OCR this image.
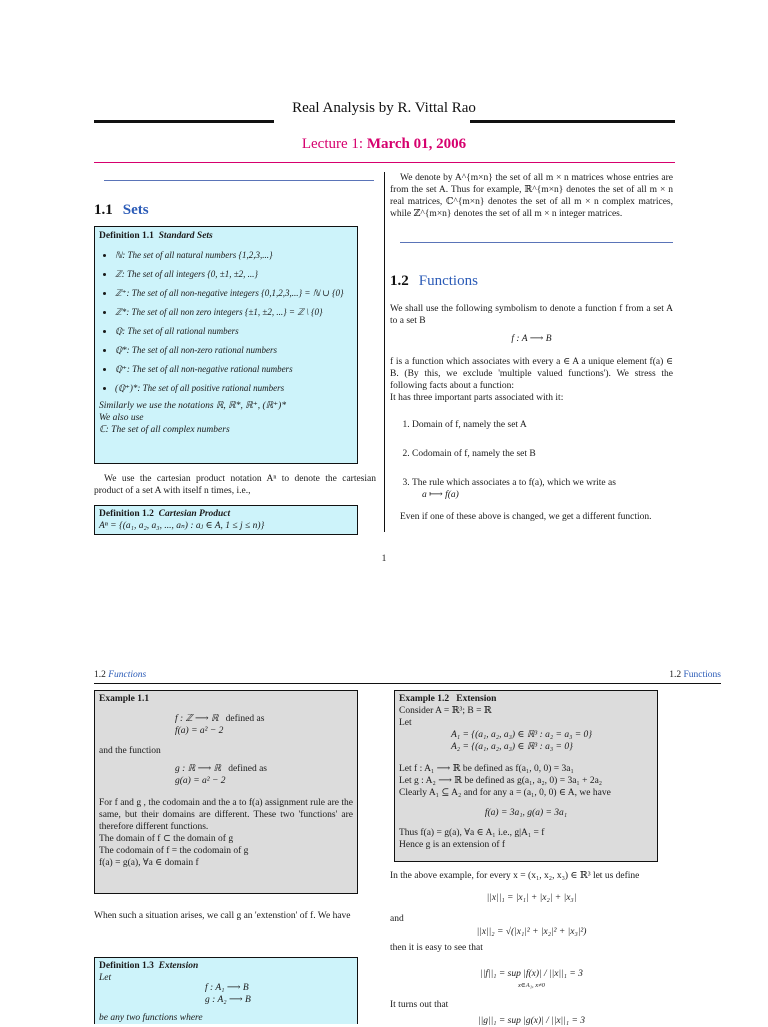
Real Analysis by R. Vittal Rao
Lecture 1: March 01, 2006
1.1 Sets
Definition 1.1 Standard Sets
• ℕ: The set of all natural numbers {1,2,3,...}
• ℤ: The set of all integers {0, ±1, ±2, ...}
• ℤ⁺: The set of all non-negative integers {0,1,2,3,...} = ℕ ∪ {0}
• ℤ*: The set of all non zero integers {±1, ±2, ...} = ℤ \ {0}
• ℚ: The set of all rational numbers
• ℚ*: The set of all non-zero rational numbers
• ℚ⁺: The set of all non-negative rational numbers
• (ℚ⁺)*: The set of all positive rational numbers
Similarly we use the notations ℝ, ℝ*, ℝ⁺, (ℝ⁺)*
We also use
ℂ: The set of all complex numbers
We use the cartesian product notation Aⁿ to denote the cartesian product of a set A with itself n times, i.e.,
Definition 1.2 Cartesian Product
Aⁿ = {(a₁, a₂, a₃, ..., aₙ) : aⱼ ∈ A, 1 ≤ j ≤ n)}
We denote by A^{m×n} the set of all m × n matrices whose entries are from the set A. Thus for example, ℝ^{m×n} denotes the set of all m × n real matrices, ℂ^{m×n} denotes the set of all m × n complex matrices, while ℤ^{m×n} denotes the set of all m × n integer matrices.
1.2 Functions
We shall use the following symbolism to denote a function f from a set A to a set B
f : A ⟶ B
f is a function which associates with every a ∈ A a unique element f(a) ∈ B. (By this, we exclude 'multiple valued functions'). We stress the following facts about a function:
It has three important parts associated with it:
1. Domain of f, namely the set A
2. Codomain of f, namely the set B
3. The rule which associates a to f(a), which we write as
a ⟼ f(a)
Even if one of these above is changed, we get a different function.
1
1.2 Functions	1.2 Functions
Example 1.1
f : ℤ ⟶ ℝ defined as
f(a) = a² − 2
and the function
g : ℝ ⟶ ℝ defined as
g(a) = a² − 2
For f and g , the codomain and the a to f(a) assignment rule are the same, but their domains are different. These two 'functions' are therefore different functions.
The domain of f ⊂ the domain of g
The codomain of f = the codomain of g
f(a) = g(a), ∀a ∈ domain f
When such a situation arises, we call g an 'extenstion' of f. We have
Definition 1.3 Extension
Let
f : A₁ ⟶ B
g : A₂ ⟶ B
be any two functions where
Example 1.2 Extension
Consider A = ℝ³; B = ℝ
Let
A₁ = {(a₁, a₂, a₃) ∈ ℝ³ : a₂ = a₃ = 0}
A₂ = {(a₁, a₂, a₃) ∈ ℝ³ : a₃ = 0}
Let f : A₁ ⟶ ℝ be defined as f(a₁, 0, 0) = 3a₁
Let g : A₂ ⟶ ℝ be defined as g(a₁, a₂, 0) = 3a₁ + 2a₂
Clearly A₁ ⊆ A₂ and for any a = (a₁, 0, 0) ∈ A, we have
f(a) = 3a₁, g(a) = 3a₁
Thus f(a) = g(a), ∀a ∈ A₁ i.e., g|A₁ = f
Hence g is an extension of f
In the above example, for every x = (x₁, x₂, x₃) ∈ ℝ³ let us define
||x||₁ = |x₁| + |x₂| + |x₃|
and
||x||₂ = √(|x₁|² + |x₂|² + |x₃|²)
then it is easy to see that
||f||₁ = sup |f(x)| / ||x||₁ = 3
x∈A₁, x≠0
It turns out that
||g||₁ = sup |g(x)| / ||x||₁ = 3
